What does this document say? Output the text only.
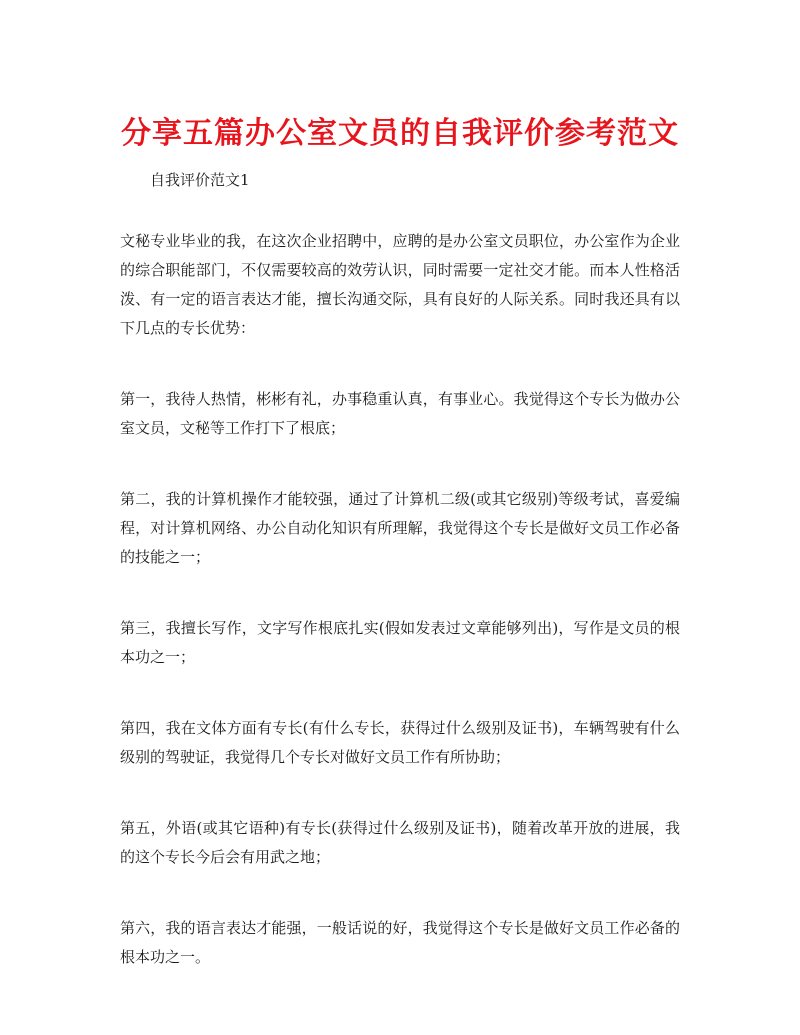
分享五篇办公室文员的自我评价参考范文

自我评价范文1

文秘专业毕业的我，在这次企业招聘中，应聘的是办公室文员职位，办公室作为企业的综合职能部门，不仅需要较高的效劳认识，同时需要一定社交才能。而本人性格活泼、有一定的语言表达才能，擅长沟通交际，具有良好的人际关系。同时我还具有以下几点的专长优势：

第一，我待人热情，彬彬有礼，办事稳重认真，有事业心。我觉得这个专长为做办公室文员，文秘等工作打下了根底；

第二，我的计算机操作才能较强，通过了计算机二级(或其它级别)等级考试，喜爱编程，对计算机网络、办公自动化知识有所理解，我觉得这个专长是做好文员工作必备的技能之一；

第三，我擅长写作，文字写作根底扎实(假如发表过文章能够列出)，写作是文员的根本功之一；

第四，我在文体方面有专长(有什么专长，获得过什么级别及证书)，车辆驾驶有什么级别的驾驶证，我觉得几个专长对做好文员工作有所协助；

第五，外语(或其它语种)有专长(获得过什么级别及证书)，随着改革开放的进展，我的这个专长今后会有用武之地；

第六，我的语言表达才能强，一般话说的好，我觉得这个专长是做好文员工作必备的根本功之一。
